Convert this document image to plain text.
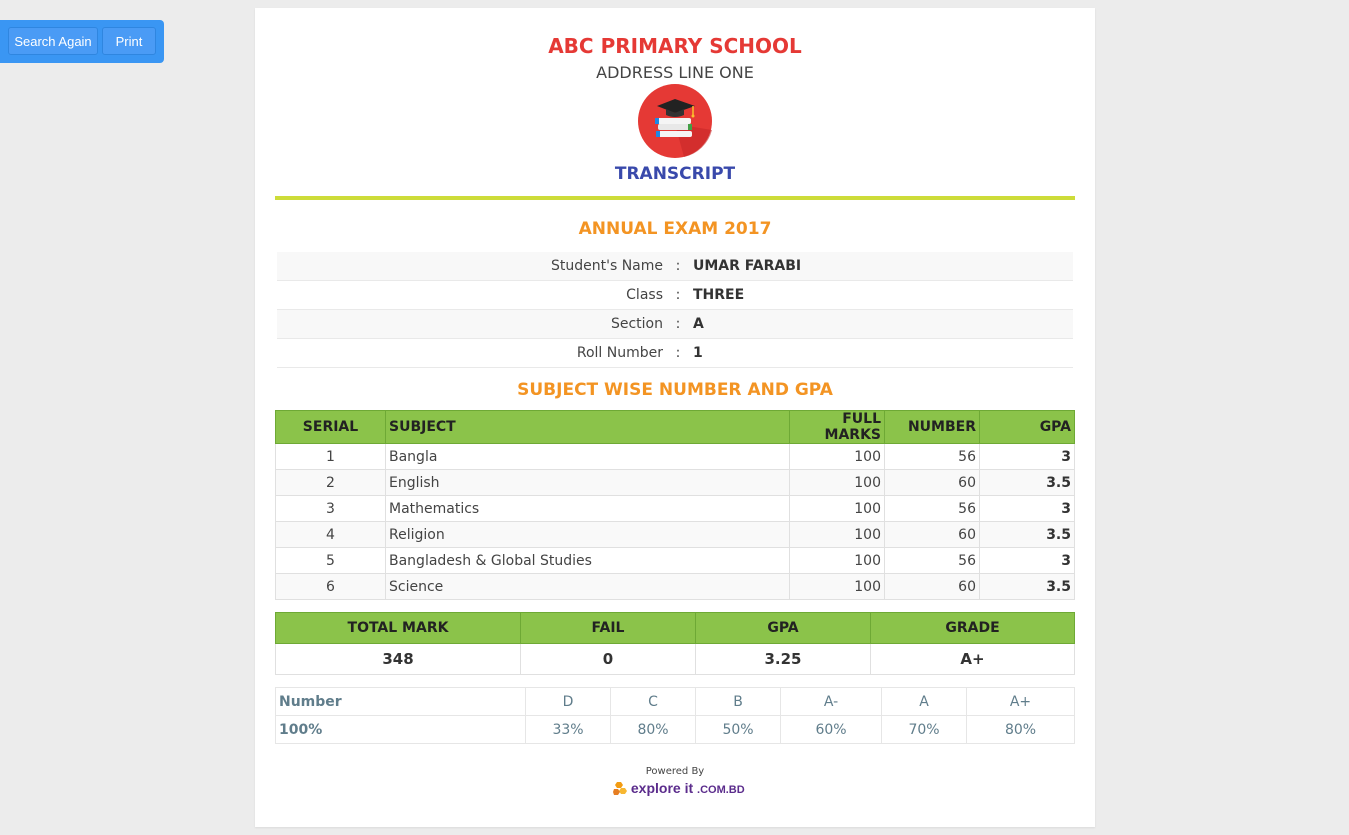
Search Again	Print	ABC PRIMARY SCHOOL
ADDRESS LINE ONE
TRANSCRIPT
ANNUAL EXAM 2017
Student's Name	:	UMAR FARABI
Class	:	THREE
Section	:	A
Roll Number	:	1
SUBJECT WISE NUMBER AND GPA
SERIAL	SUBJECT	FULL MARKS	NUMBER	GPA
1	Bangla	100	56	3
2	English	100	60	3.5
3	Mathematics	100	56	3
4	Religion	100	60	3.5
5	Bangladesh & Global Studies	100	56	3
6	Science	100	60	3.5
TOTAL MARK	FAIL	GPA	GRADE
348	0	3.25	A+
Number	D	C	B	A-	A	A+
100%	33%	80%	50%	60%	70%	80%
Powered By
explore it .COM.BD
